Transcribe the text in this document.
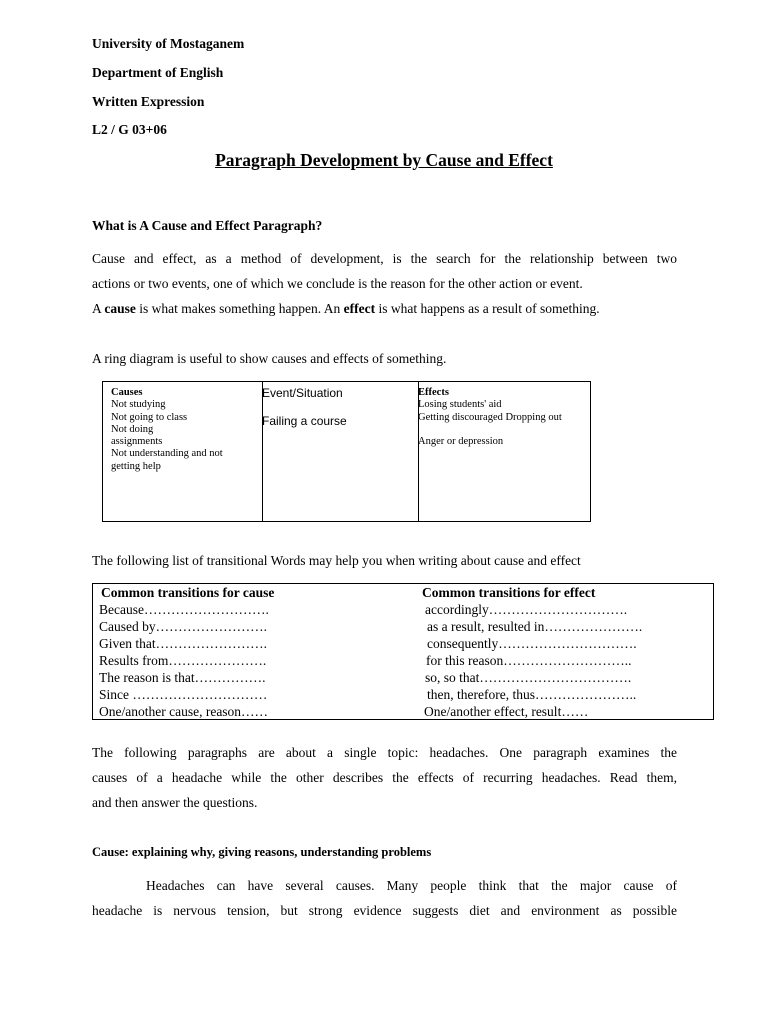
University of Mostaganem
Department of English
Written Expression
L2 / G 03+06
Paragraph Development by Cause and Effect
What is A Cause and Effect Paragraph?
Cause and effect, as a method of development, is the search for the relationship between two
actions or two events, one of which we conclude is the reason for the other action or event.
A cause is what makes something happen. An effect is what happens as a result of something.
A ring diagram is useful to show causes and effects of something.
Causes
Not studying
Not going to class
Not doing
assignments
Not understanding and not
getting help
Event/Situation
Failing a course
Effects
Losing students' aid
Getting discouraged Dropping out
Anger or depression
The following list of transitional Words may help you when writing about cause and effect
Common transitions for cause	Common transitions for effect
Because……………………….
Caused by…………………….
Given that…………………….
Results from………………….
The reason is that…………….
Since …………………………
One/another cause, reason……
accordingly………………………….
as a result, resulted in………………….
consequently………………………….
for this reason………………………..
so, so that…………………………….
then, therefore, thus…………………..
One/another effect, result……
The following paragraphs are about a single topic: headaches. One paragraph examines the
causes of a headache while the other describes the effects of recurring headaches. Read them,
and then answer the questions.
Cause: explaining why, giving reasons, understanding problems
Headaches can have several causes. Many people think that the major cause of
headache is nervous tension, but strong evidence suggests diet and environment as possible
